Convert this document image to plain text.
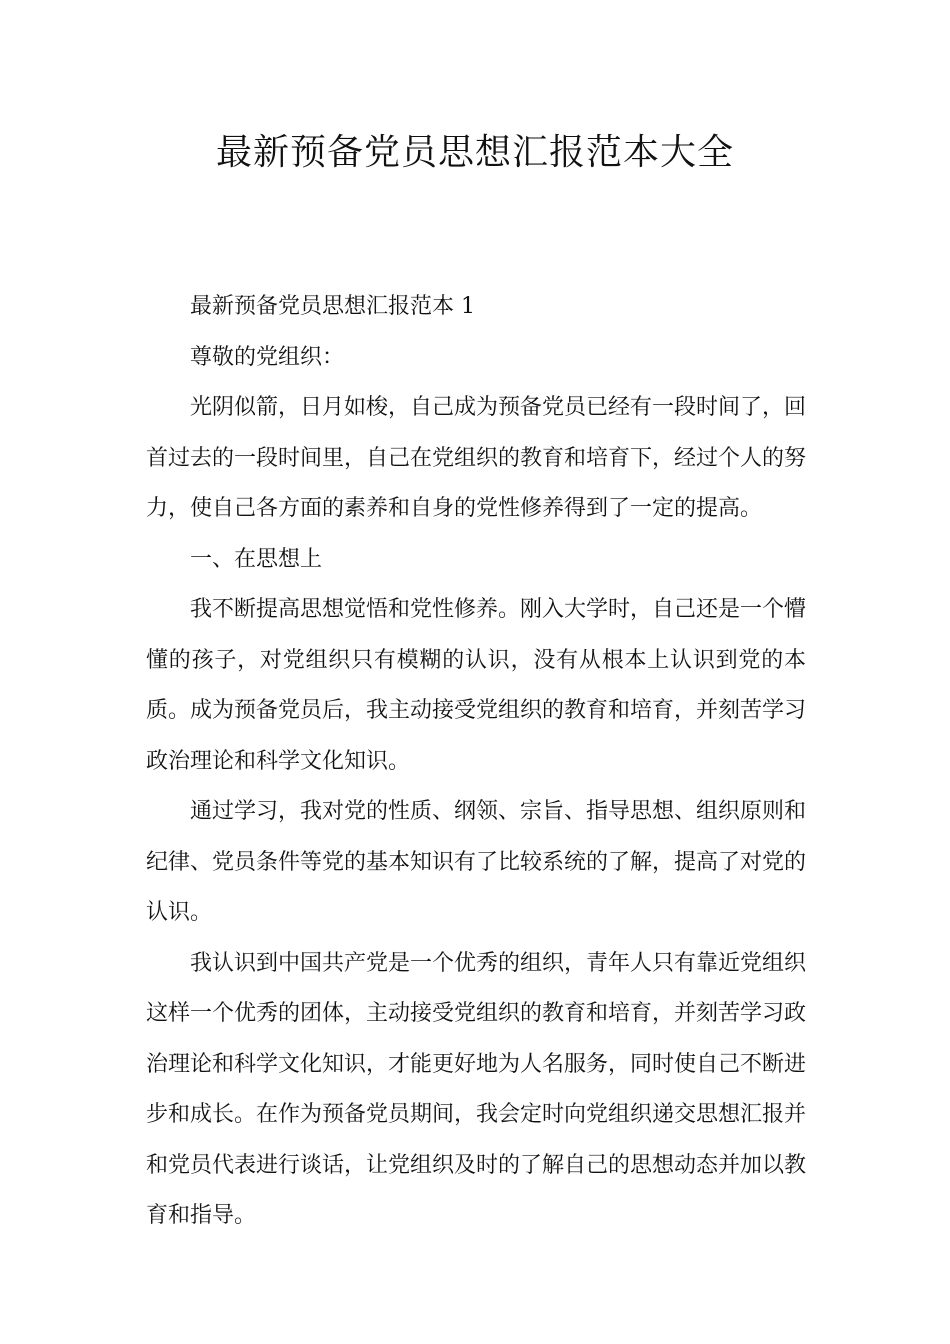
最新预备党员思想汇报范本大全

最新预备党员思想汇报范本 1

尊敬的党组织：

光阴似箭，日月如梭，自己成为预备党员已经有一段时间了，回首过去的一段时间里，自己在党组织的教育和培育下，经过个人的努力，使自己各方面的素养和自身的党性修养得到了一定的提高。

一、在思想上

我不断提高思想觉悟和党性修养。刚入大学时，自己还是一个懵懂的孩子，对党组织只有模糊的认识，没有从根本上认识到党的本质。成为预备党员后，我主动接受党组织的教育和培育，并刻苦学习政治理论和科学文化知识。

通过学习，我对党的性质、纲领、宗旨、指导思想、组织原则和纪律、党员条件等党的基本知识有了比较系统的了解，提高了对党的认识。

我认识到中国共产党是一个优秀的组织，青年人只有靠近党组织这样一个优秀的团体，主动接受党组织的教育和培育，并刻苦学习政治理论和科学文化知识，才能更好地为人名服务，同时使自己不断进步和成长。在作为预备党员期间，我会定时向党组织递交思想汇报并和党员代表进行谈话，让党组织及时的了解自己的思想动态并加以教育和指导。
